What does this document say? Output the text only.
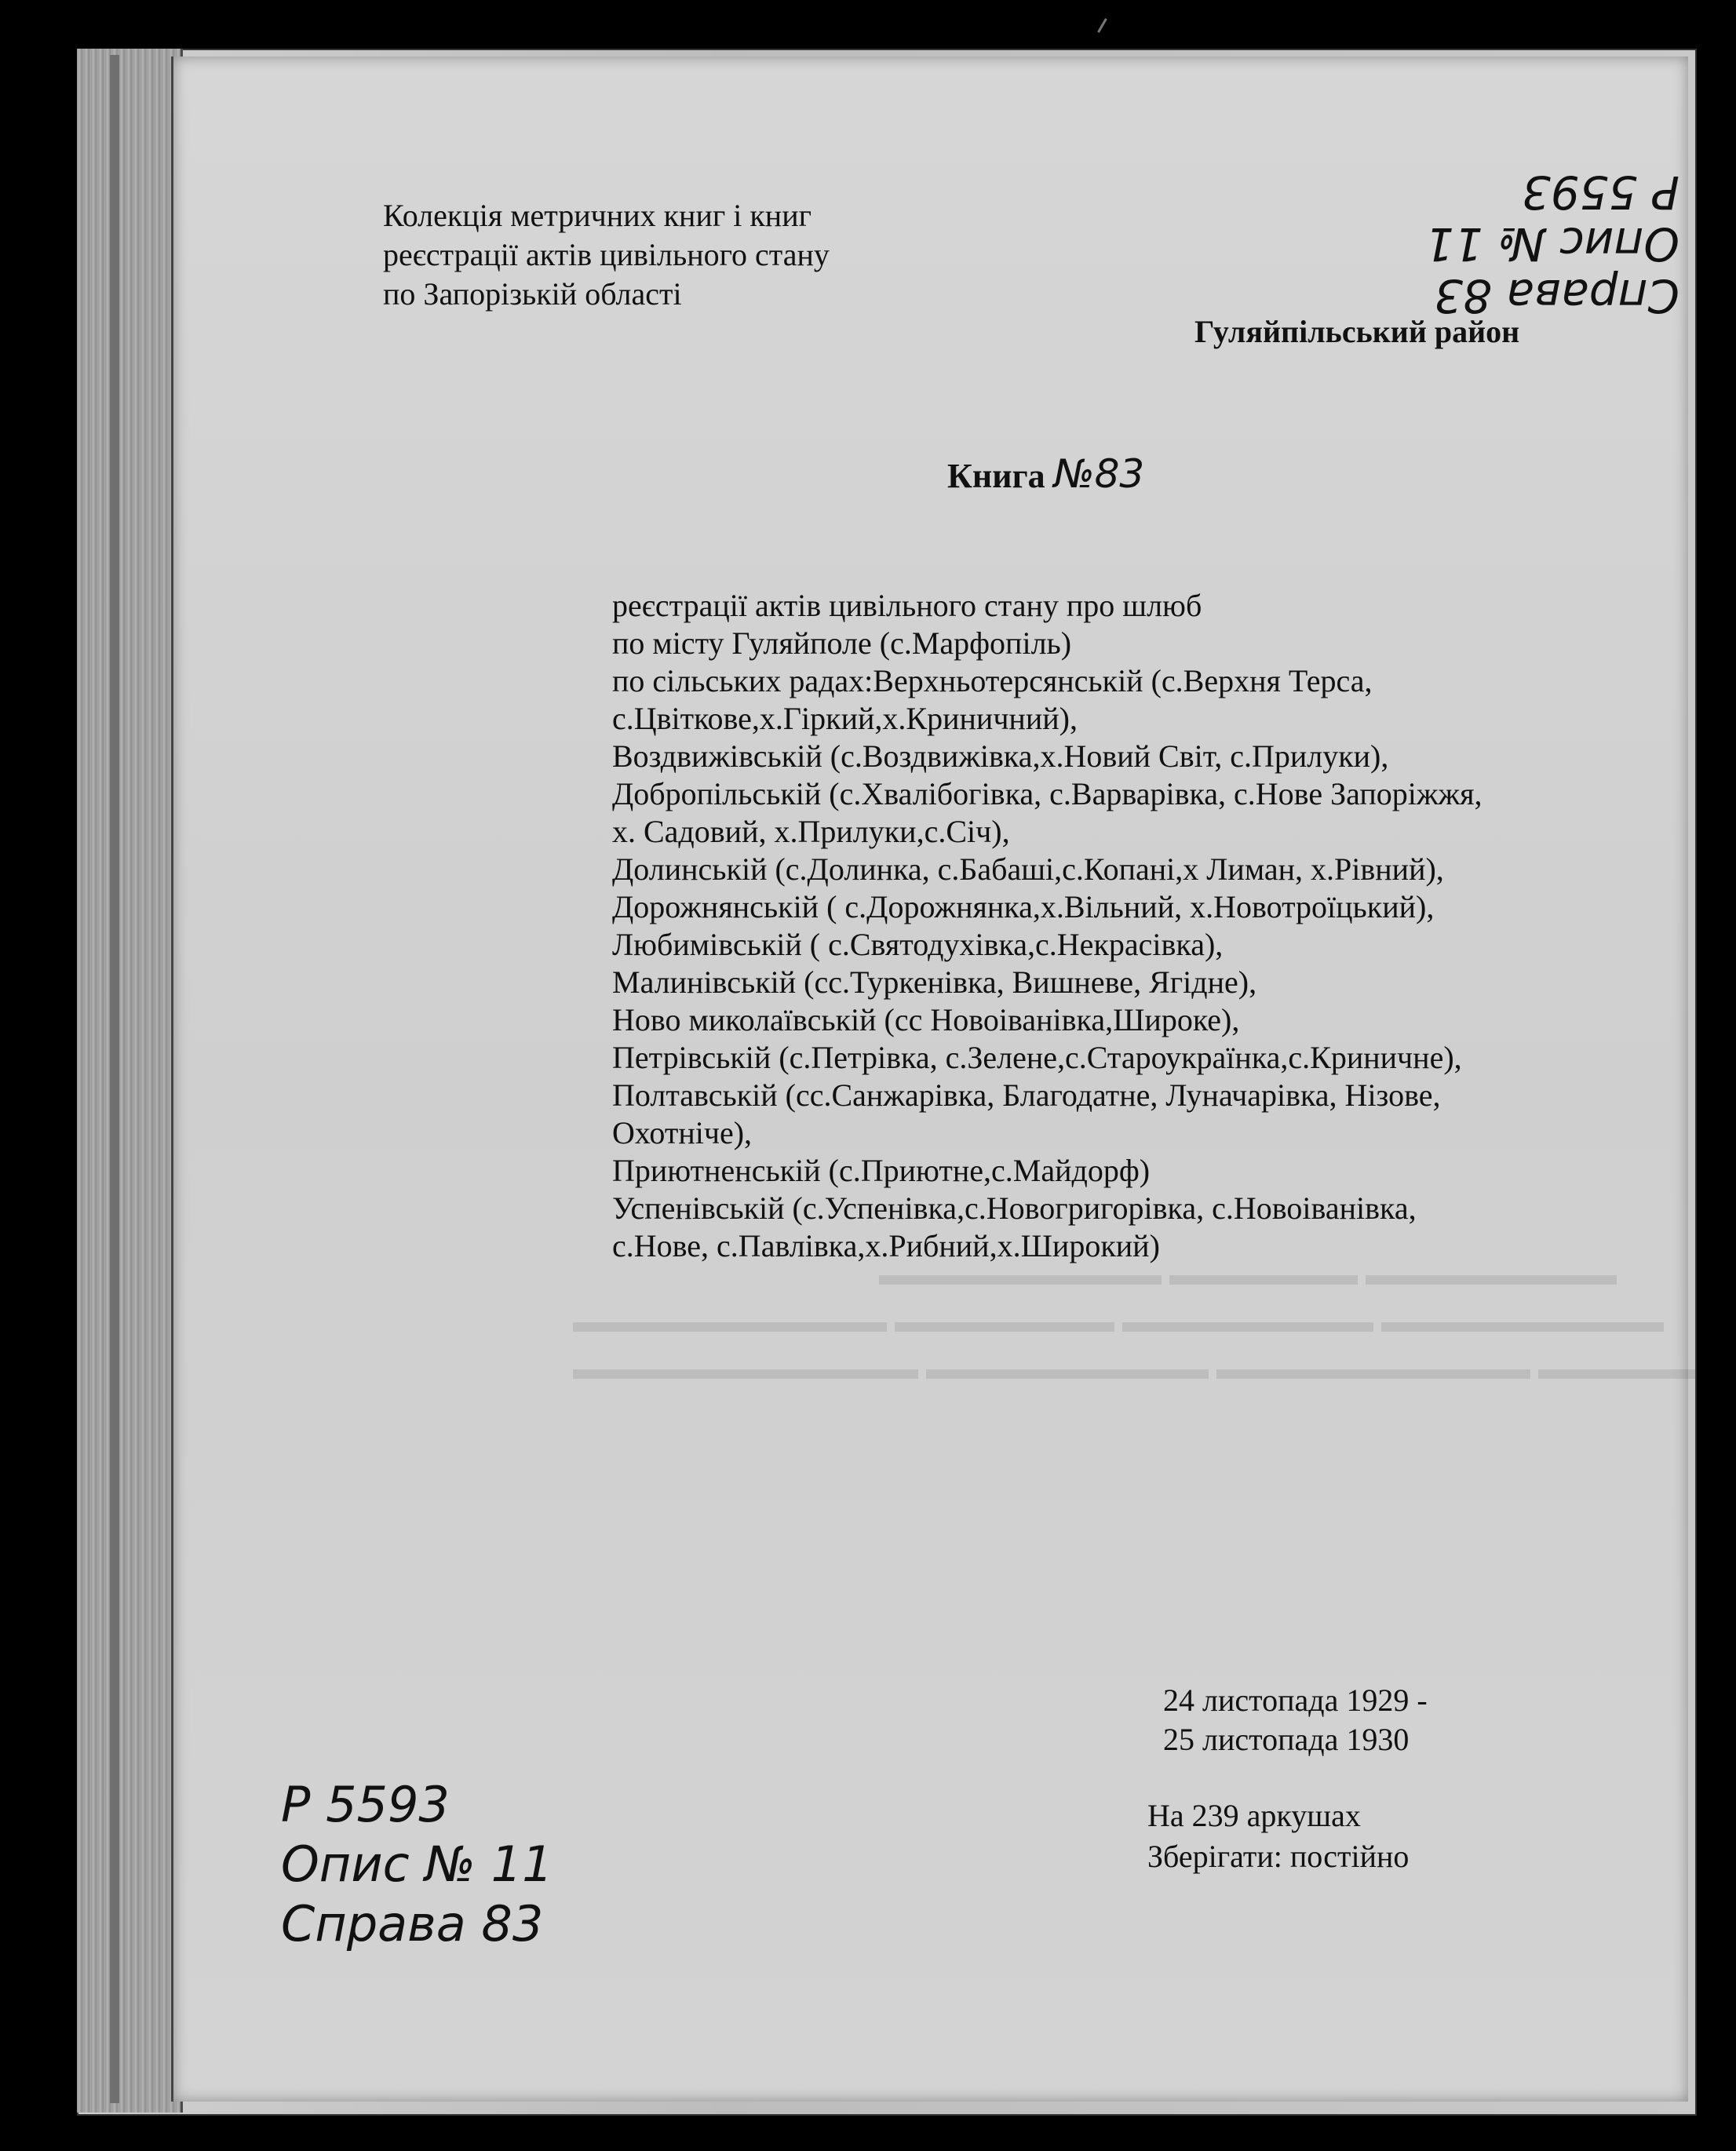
▬▬▬▬▬▬▬▬▬ ▬▬▬▬▬▬ ▬▬▬▬▬▬▬▬
▬▬▬▬▬▬▬▬▬▬ ▬▬▬▬▬▬▬ ▬▬▬▬▬▬▬▬ ▬▬▬▬▬▬▬▬▬
▬▬▬▬▬▬▬▬▬▬▬ ▬▬▬▬▬▬▬▬▬ ▬▬▬▬▬▬▬▬▬▬ ▬▬▬▬▬
Колекція метричних книг і книг
реєстрації актів цивільного стану
по Запорізькій області	Справа 83
Опис № 11
Р 5593
Гуляйпільський район
Книга №83
реєстрації актів цивільного стану про шлюб
по місту Гуляйполе (с.Марфопіль)
по сільських радах:Верхньотерсянській (с.Верхня Терса,
с.Цвіткове,х.Гіркий,х.Криничний),
Воздвижівській (с.Воздвижівка,х.Новий Світ, с.Прилуки),
Добропільській (с.Хвалібогівка, с.Варварівка, с.Нове Запоріжжя,
х. Садовий, х.Прилуки,с.Січ),
Долинській (с.Долинка, с.Бабаші,с.Копані,х Лиман, х.Рівний),
Дорожнянській ( с.Дорожнянка,х.Вільний, х.Новотроїцький),
Любимівській ( с.Святодухівка,с.Некрасівка),
Малинівській (сс.Туркенівка, Вишневе, Ягідне),
Ново миколаївській (сс Новоіванівка,Широке),
Петрівській (с.Петрівка, с.Зелене,с.Староукраїнка,с.Криничне),
Полтавській (сс.Санжарівка, Благодатне, Луначарівка, Нізове,
Охотніче),
Приютненській (с.Приютне,с.Майдорф)
Успенівській (с.Успенівка,с.Новогригорівка, с.Новоіванівка,
с.Нове, с.Павлівка,х.Рибний,х.Широкий)
24 листопада 1929 -
25 листопада 1930
На 239 аркушах
Зберігати: постійно
Р 5593
Опис № 11
Справа 83
